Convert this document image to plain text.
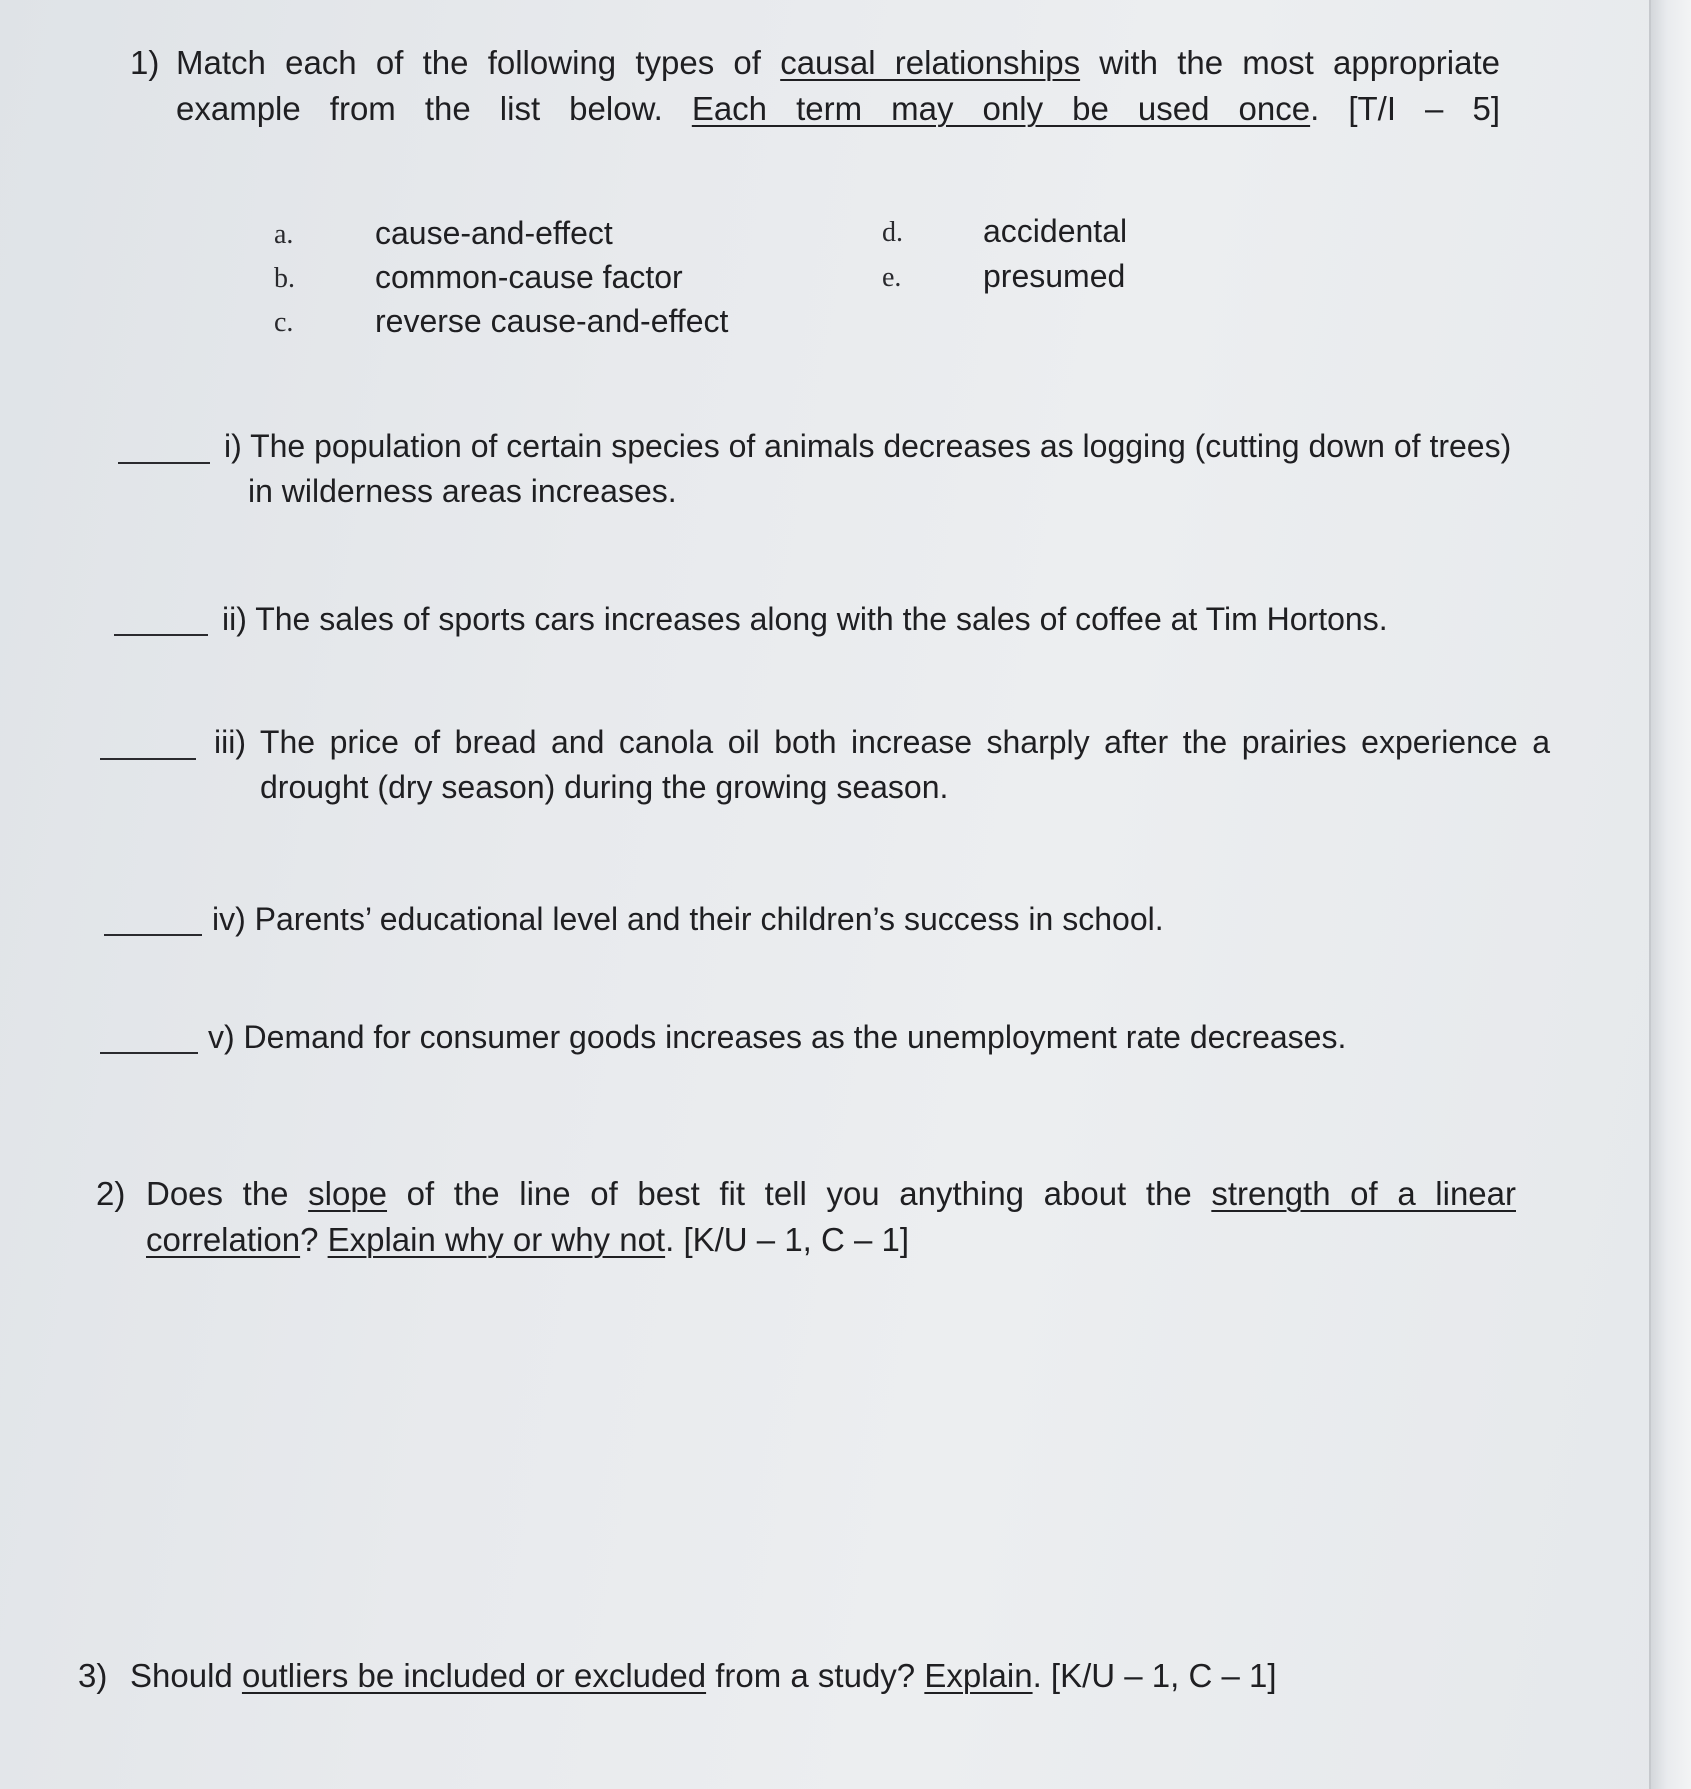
1) Match each of the following types of causal relationships with the most appropriate example from the list below. Each term may only be used once. [T/I – 5]
a.	cause-and-effect
b.	common-cause factor
c.	reverse cause-and-effect
d.	accidental
e.	presumed
i) The population of certain species of animals decreases as logging (cutting down of trees) in wilderness areas increases.
ii) The sales of sports cars increases along with the sales of coffee at Tim Hortons.
iii) The price of bread and canola oil both increase sharply after the prairies experience a drought (dry season) during the growing season.
iv) Parents’ educational level and their children’s success in school.
v) Demand for consumer goods increases as the unemployment rate decreases.
2) Does the slope of the line of best fit tell you anything about the strength of a linear correlation? Explain why or why not. [K/U – 1, C – 1]
3) Should outliers be included or excluded from a study? Explain. [K/U – 1, C – 1]
